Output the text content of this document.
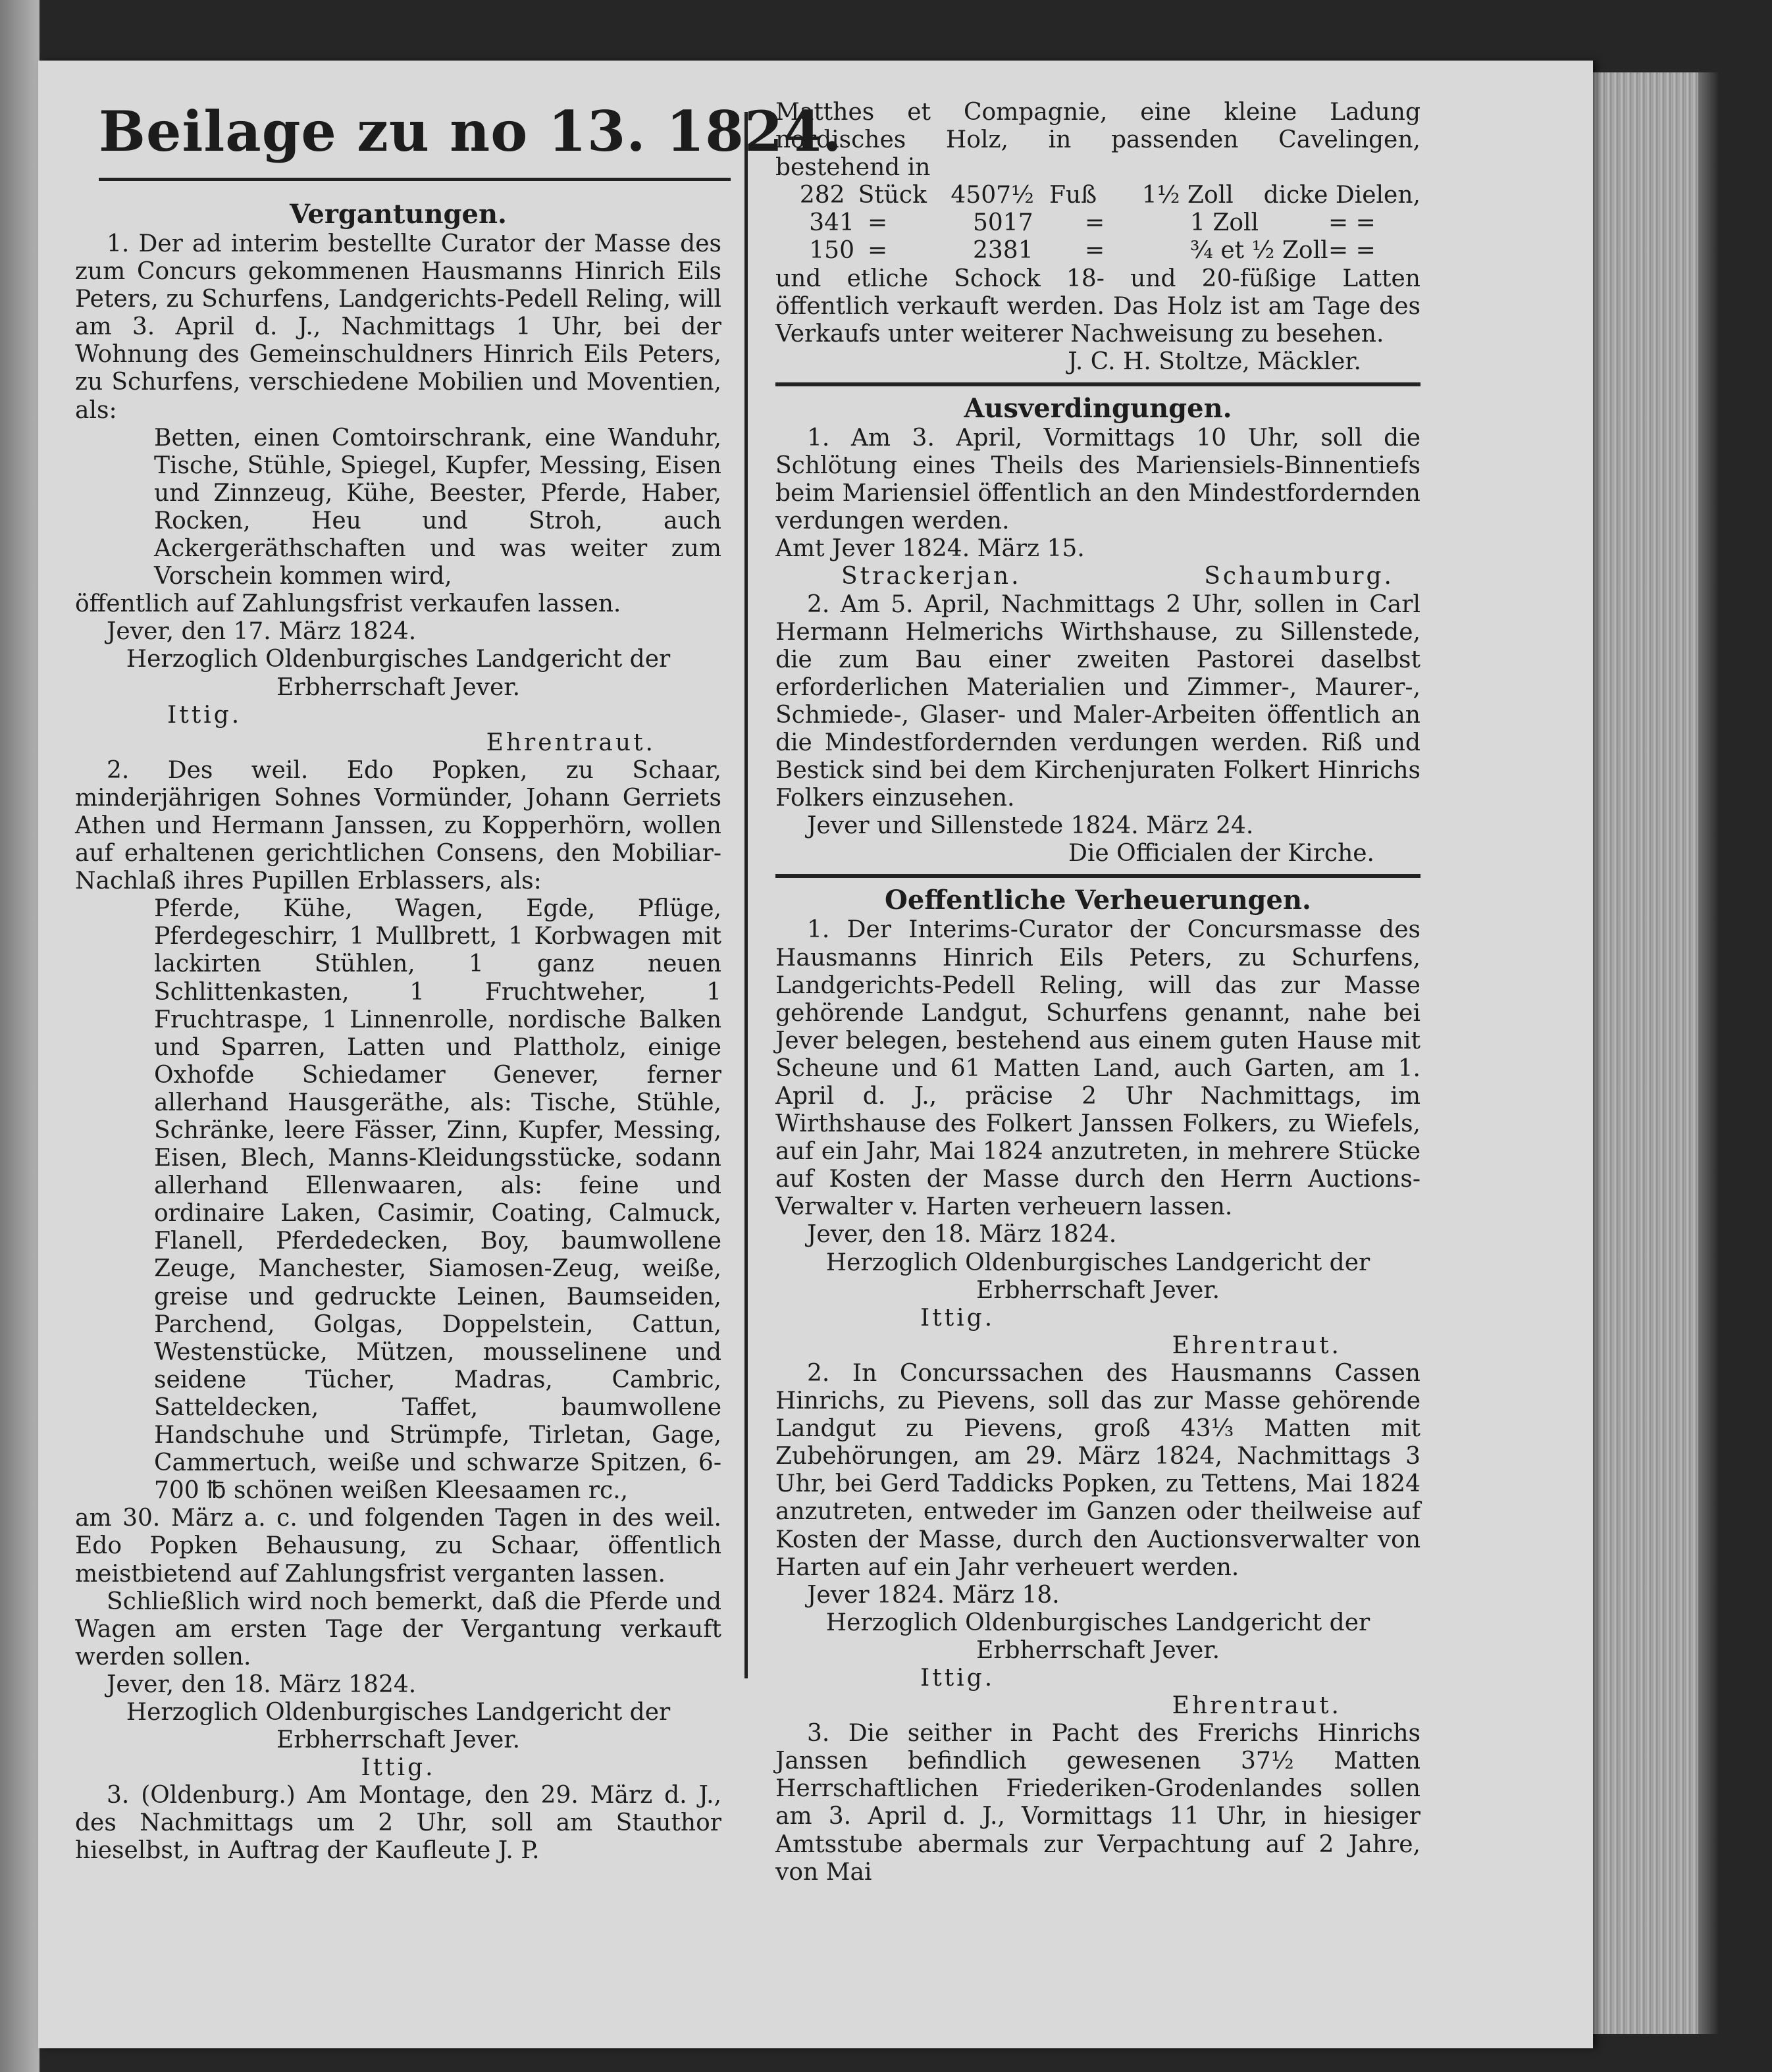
Beilage zu no 13. 1824.

Vergantungen.

1. Der ad interim bestellte Curator der Masse des zum Concurs gekommenen Hausmanns Hinrich Eils Peters, zu Schurfens, Landgerichts-Pedell Reling, will am 3. April d. J., Nachmittags 1 Uhr, bei der Wohnung des Gemeinschuldners Hinrich Eils Peters, zu Schurfens, verschiedene Mobilien und Moventien, als:

Betten, einen Comtoirschrank, eine Wanduhr, Tische, Stühle, Spiegel, Kupfer, Messing, Eisen und Zinnzeug, Kühe, Beester, Pferde, Haber, Rocken, Heu und Stroh, auch Ackergeräthschaften und was weiter zum Vorschein kommen wird,

öffentlich auf Zahlungsfrist verkaufen lassen.

Jever, den 17. März 1824.

Herzoglich Oldenburgisches Landgericht der Erbherrschaft Jever.

Ittig.

Ehrentraut.

2. Des weil. Edo Popken, zu Schaar, minderjährigen Sohnes Vormünder, Johann Gerriets Athen und Hermann Janssen, zu Kopperhörn, wollen auf erhaltenen gerichtlichen Consens, den Mobiliar-Nachlaß ihres Pupillen Erblassers, als:

Pferde, Kühe, Wagen, Egde, Pflüge, Pferdegeschirr, 1 Mullbrett, 1 Korbwagen mit lackirten Stühlen, 1 ganz neuen Schlittenkasten, 1 Fruchtweher, 1 Fruchtraspe, 1 Linnenrolle, nordische Balken und Sparren, Latten und Plattholz, einige Oxhofde Schiedamer Genever, ferner allerhand Hausgeräthe, als: Tische, Stühle, Schränke, leere Fässer, Zinn, Kupfer, Messing, Eisen, Blech, Manns-Kleidungsstücke, sodann allerhand Ellenwaaren, als: feine und ordinaire Laken, Casimir, Coating, Calmuck, Flanell, Pferdedecken, Boy, baumwollene Zeuge, Manchester, Siamosen-Zeug, weiße, greise und gedruckte Leinen, Baumseiden, Parchend, Golgas, Doppelstein, Cattun, Westenstücke, Mützen, mousselinene und seidene Tücher, Madras, Cambric, Satteldecken, Taffet, baumwollene Handschuhe und Strümpfe, Tirletan, Gage, Cammertuch, weiße und schwarze Spitzen, 6-700 ℔ schönen weißen Kleesaamen rc.,

am 30. März a. c. und folgenden Tagen in des weil. Edo Popken Behausung, zu Schaar, öffentlich meistbietend auf Zahlungsfrist verganten lassen.

Schließlich wird noch bemerkt, daß die Pferde und Wagen am ersten Tage der Vergantung verkauft werden sollen.

Jever, den 18. März 1824.

Herzoglich Oldenburgisches Landgericht der Erbherrschaft Jever.

Ittig.

3. (Oldenburg.) Am Montage, den 29. März d. J., des Nachmittags um 2 Uhr, soll am Stauthor hieselbst, in Auftrag der Kaufleute J. P.

Matthes et Compagnie, eine kleine Ladung nordisches Holz, in passenden Cavelingen, bestehend in

282 Stück	4507½ Fuß	1½ Zoll	dicke Dielen,
341 =	5017	=	1 Zoll	= =
150 =	2381	=	¾ et ½ Zoll = =

und etliche Schock 18- und 20-füßige Latten öffentlich verkauft werden. Das Holz ist am Tage des Verkaufs unter weiterer Nachweisung zu besehen.

J. C. H. Stoltze, Mäckler.

Ausverdingungen.

1. Am 3. April, Vormittags 10 Uhr, soll die Schlötung eines Theils des Mariensiels-Binnentiefs beim Mariensiel öffentlich an den Mindestfordernden verdungen werden.

Amt Jever 1824. März 15.

Strackerjan.	Schaumburg.

2. Am 5. April, Nachmittags 2 Uhr, sollen in Carl Hermann Helmerichs Wirthshause, zu Sillenstede, die zum Bau einer zweiten Pastorei daselbst erforderlichen Materialien und Zimmer-, Maurer-, Schmiede-, Glaser- und Maler-Arbeiten öffentlich an die Mindestfordernden verdungen werden. Riß und Bestick sind bei dem Kirchenjuraten Folkert Hinrichs Folkers einzusehen.

Jever und Sillenstede 1824. März 24.

Die Officialen der Kirche.

Oeffentliche Verheuerungen.

1. Der Interims-Curator der Concursmasse des Hausmanns Hinrich Eils Peters, zu Schurfens, Landgerichts-Pedell Reling, will das zur Masse gehörende Landgut, Schurfens genannt, nahe bei Jever belegen, bestehend aus einem guten Hause mit Scheune und 61 Matten Land, auch Garten, am 1. April d. J., präcise 2 Uhr Nachmittags, im Wirthshause des Folkert Janssen Folkers, zu Wiefels, auf ein Jahr, Mai 1824 anzutreten, in mehrere Stücke auf Kosten der Masse durch den Herrn Auctions-Verwalter v. Harten verheuern lassen.

Jever, den 18. März 1824.

Herzoglich Oldenburgisches Landgericht der Erbherrschaft Jever.

Ittig.

Ehrentraut.

2. In Concurssachen des Hausmanns Cassen Hinrichs, zu Pievens, soll das zur Masse gehörende Landgut zu Pievens, groß 43⅓ Matten mit Zubehörungen, am 29. März 1824, Nachmittags 3 Uhr, bei Gerd Taddicks Popken, zu Tettens, Mai 1824 anzutreten, entweder im Ganzen oder theilweise auf Kosten der Masse, durch den Auctionsverwalter von Harten auf ein Jahr verheuert werden.

Jever 1824. März 18.

Herzoglich Oldenburgisches Landgericht der Erbherrschaft Jever.

Ittig.

Ehrentraut.

3. Die seither in Pacht des Frerichs Hinrichs Janssen befindlich gewesenen 37½ Matten Herrschaftlichen Friederiken-Grodenlandes sollen am 3. April d. J., Vormittags 11 Uhr, in hiesiger Amtsstube abermals zur Verpachtung auf 2 Jahre, von Mai
